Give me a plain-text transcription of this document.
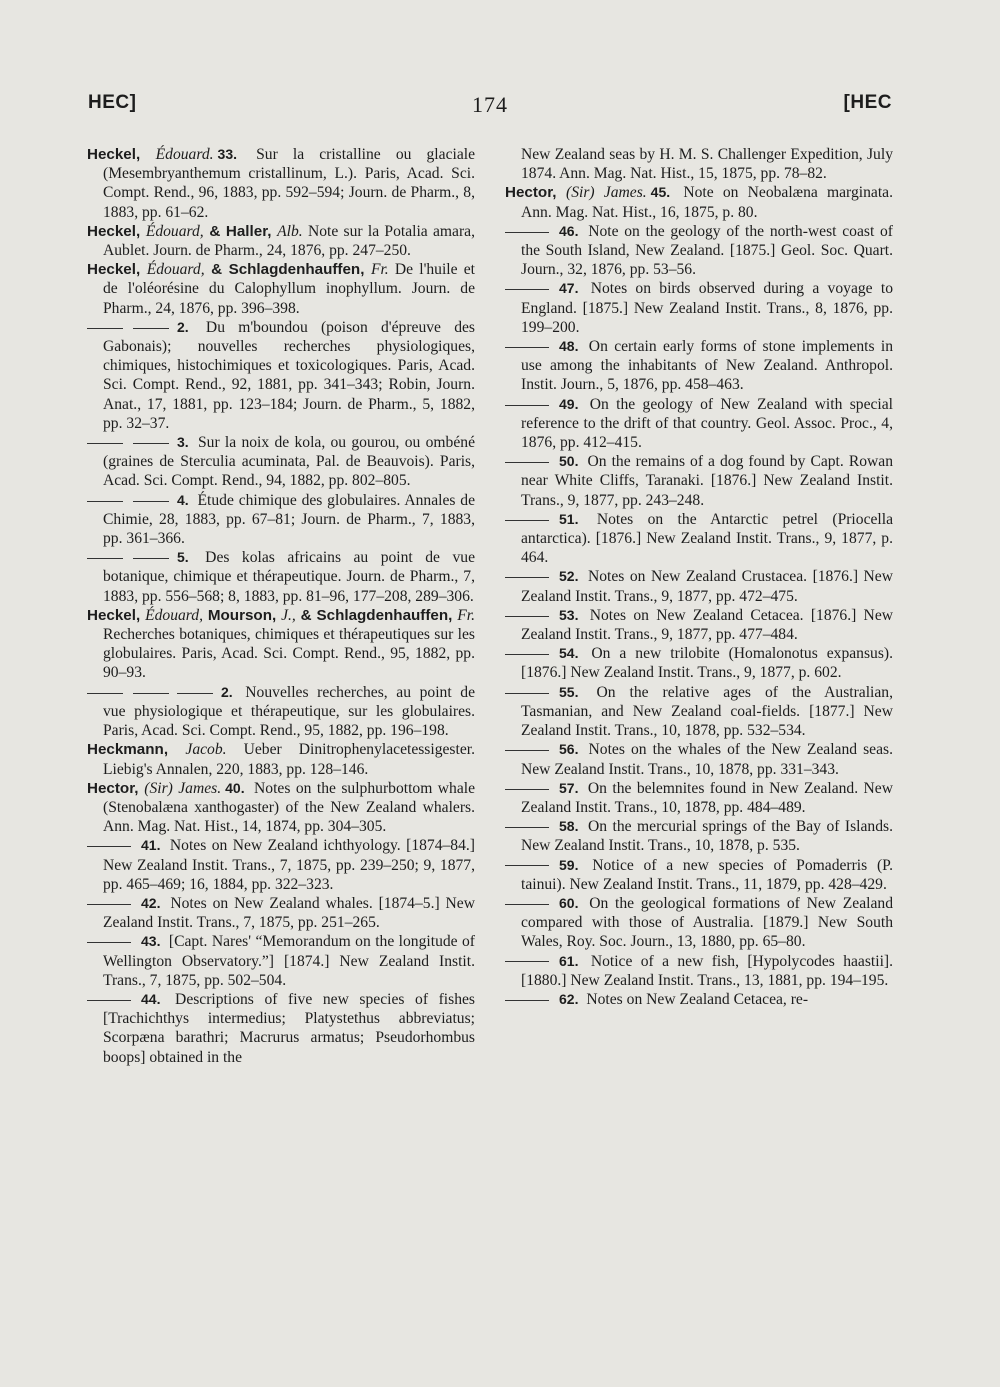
HEC]	174	[HEC

Heckel, Édouard. 33. Sur la cristalline ou glaciale (Mesembryanthemum cristallinum, L.). Paris, Acad. Sci. Compt. Rend., 96, 1883, pp. 592–594; Journ. de Pharm., 8, 1883, pp. 61–62.

Heckel, Édouard, & Haller, Alb. Note sur la Potalia amara, Aublet. Journ. de Pharm., 24, 1876, pp. 247–250.

Heckel, Édouard, & Schlagdenhauffen, Fr. De l'huile et de l'oléorésine du Calophyllum inophyllum. Journ. de Pharm., 24, 1876, pp. 396–398.

2. Du m'boundou (poison d'épreuve des Gabonais); nouvelles recherches physiologiques, chimiques, histochimiques et toxicologiques. Paris, Acad. Sci. Compt. Rend., 92, 1881, pp. 341–343; Robin, Journ. Anat., 17, 1881, pp. 123–184; Journ. de Pharm., 5, 1882, pp. 32–37.

3. Sur la noix de kola, ou gourou, ou ombéné (graines de Sterculia acuminata, Pal. de Beauvois). Paris, Acad. Sci. Compt. Rend., 94, 1882, pp. 802–805.

4. Étude chimique des globulaires. Annales de Chimie, 28, 1883, pp. 67–81; Journ. de Pharm., 7, 1883, pp. 361–366.

5. Des kolas africains au point de vue botanique, chimique et thérapeutique. Journ. de Pharm., 7, 1883, pp. 556–568; 8, 1883, pp. 81–96, 177–208, 289–306.

Heckel, Édouard, Mourson, J., & Schlagdenhauffen, Fr. Recherches botaniques, chimiques et thérapeutiques sur les globulaires. Paris, Acad. Sci. Compt. Rend., 95, 1882, pp. 90–93.

2. Nouvelles recherches, au point de vue physiologique et thérapeutique, sur les globulaires. Paris, Acad. Sci. Compt. Rend., 95, 1882, pp. 196–198.

Heckmann, Jacob. Ueber Dinitrophenylacetessigester. Liebig's Annalen, 220, 1883, pp. 128–146.

Hector, (Sir) James. 40. Notes on the sulphurbottom whale (Stenobalæna xanthogaster) of the New Zealand whalers. Ann. Mag. Nat. Hist., 14, 1874, pp. 304–305.

41. Notes on New Zealand ichthyology. [1874–84.] New Zealand Instit. Trans., 7, 1875, pp. 239–250; 9, 1877, pp. 465–469; 16, 1884, pp. 322–323.

42. Notes on New Zealand whales. [1874–5.] New Zealand Instit. Trans., 7, 1875, pp. 251–265.

43. [Capt. Nares' “Memorandum on the longitude of Wellington Observatory.”] [1874.] New Zealand Instit. Trans., 7, 1875, pp. 502–504.

44. Descriptions of five new species of fishes [Trachichthys intermedius; Platystethus abbreviatus; Scorpæna barathri; Macrurus armatus; Pseudorhombus boops] obtained in the

New Zealand seas by H. M. S. Challenger Expedition, July 1874. Ann. Mag. Nat. Hist., 15, 1875, pp. 78–82.

Hector, (Sir) James. 45. Note on Neobalæna marginata. Ann. Mag. Nat. Hist., 16, 1875, p. 80.

46. Note on the geology of the north-west coast of the South Island, New Zealand. [1875.] Geol. Soc. Quart. Journ., 32, 1876, pp. 53–56.

47. Notes on birds observed during a voyage to England. [1875.] New Zealand Instit. Trans., 8, 1876, pp. 199–200.

48. On certain early forms of stone implements in use among the inhabitants of New Zealand. Anthropol. Instit. Journ., 5, 1876, pp. 458–463.

49. On the geology of New Zealand with special reference to the drift of that country. Geol. Assoc. Proc., 4, 1876, pp. 412–415.

50. On the remains of a dog found by Capt. Rowan near White Cliffs, Taranaki. [1876.] New Zealand Instit. Trans., 9, 1877, pp. 243–248.

51. Notes on the Antarctic petrel (Priocella antarctica). [1876.] New Zealand Instit. Trans., 9, 1877, p. 464.

52. Notes on New Zealand Crustacea. [1876.] New Zealand Instit. Trans., 9, 1877, pp. 472–475.

53. Notes on New Zealand Cetacea. [1876.] New Zealand Instit. Trans., 9, 1877, pp. 477–484.

54. On a new trilobite (Homalonotus expansus). [1876.] New Zealand Instit. Trans., 9, 1877, p. 602.

55. On the relative ages of the Australian, Tasmanian, and New Zealand coal-fields. [1877.] New Zealand Instit. Trans., 10, 1878, pp. 532–534.

56. Notes on the whales of the New Zealand seas. New Zealand Instit. Trans., 10, 1878, pp. 331–343.

57. On the belemnites found in New Zealand. New Zealand Instit. Trans., 10, 1878, pp. 484–489.

58. On the mercurial springs of the Bay of Islands. New Zealand Instit. Trans., 10, 1878, p. 535.

59. Notice of a new species of Pomaderris (P. tainui). New Zealand Instit. Trans., 11, 1879, pp. 428–429.

60. On the geological formations of New Zealand compared with those of Australia. [1879.] New South Wales, Roy. Soc. Journ., 13, 1880, pp. 65–80.

61. Notice of a new fish, [Hypolycodes haastii]. [1880.] New Zealand Instit. Trans., 13, 1881, pp. 194–195.

62. Notes on New Zealand Cetacea, re-
